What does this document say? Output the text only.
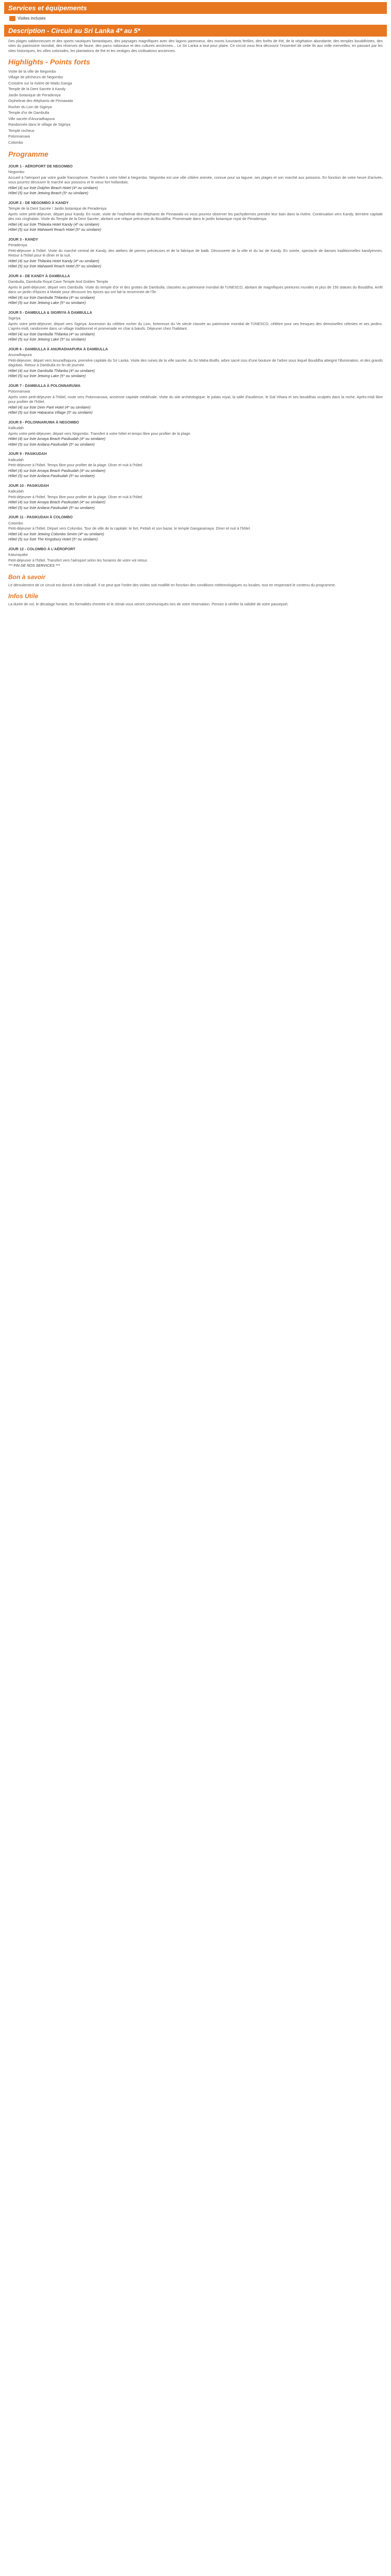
Services et équipements
Visites incluses
Description - Circuit au Sri Lanka 4* au 5*

Des plages sablonneuses et des sports nautiques fantastiques, des paysages magnifiques avec des lagons paresseux, des monts luxuriants fertiles, des forêts de thé, de la végétation abondante; des temples bouddhistes, des sites du patrimoine mondial, des réserves de faune, des parcs nationaux et des cultures anciennes... Le Sri Lanka a tout pour plaire. Ce circuit vous fera découvrir l'essentiel de cette île aux mille merveilles, en passant par les sites historiques, les villes coloniales, les plantations de thé et les vestiges des civilisations anciennes.

Highlights - Points forts
Visite de la ville de Negombo
Village de pêcheurs de Negombo
Croisière sur la rivière de Madu Ganga
Temple de la Dent Sacrée à Kandy
Jardin botanique de Peradeniya
Orphelinat des éléphants de Pinnawala
Rocher du Lion de Sigiriya
Temple d'or de Dambulla
Ville sacrée d'Anuradhapura
Randonnée dans le village de Sigiriya
Temple rocheux
Polonnaruwa
Colombo
Programme
JOUR 1 - AÉROPORT DE NEGOMBO

Negombo

Accueil à l'aéroport par votre guide francophone. Transfert à votre hôtel à Negombo. Négombo est une ville côtière animée, connue pour sa lagune, ses plages et son marché aux poissons. En fonction de votre heure d'arrivée, vous pourrez découvrir le marché aux poissons et le vieux fort hollandais.

Hôtel (4) sur liste Dolphin Beach Hotel (4* ou similaire)

Hôtel (5) sur liste Jetwing Beach (5* ou similaire)

JOUR 2 - DE NEGOMBO À KANDY

Temple de la Dent Sacrée / Jardin botanique de Peradeniya

Après votre petit-déjeuner, départ pour Kandy. En route, visite de l'orphelinat des éléphants de Pinnawala où vous pourrez observer les pachydermes prendre leur bain dans la rivière. Continuation vers Kandy, dernière capitale des rois cinghalais. Visite du Temple de la Dent Sacrée, abritant une relique précieuse du Bouddha. Promenade dans le jardin botanique royal de Peradeniya.

Hôtel (4) sur liste Thilanka Hotel Kandy (4* ou similaire)

Hôtel (5) sur liste Mahaweli Reach Hotel (5* ou similaire)

JOUR 3 - KANDY

Peradeniya

Petit-déjeuner à l'hôtel. Visite du marché central de Kandy, des ateliers de pierres précieuses et de la fabrique de batik. Découverte de la ville et du lac de Kandy. En soirée, spectacle de danses traditionnelles kandyennes. Retour à l'hôtel pour le dîner et la nuit.

Hôtel (4) sur liste Thilanka Hotel Kandy (4* ou similaire)

Hôtel (5) sur liste Mahaweli Reach Hotel (5* ou similaire)

JOUR 4 - DE KANDY À DAMBULLA

Dambulla, Dambulla Royal Cave Temple And Golden Temple

Après le petit-déjeuner, départ vers Dambulla. Visite du temple d'or et des grottes de Dambulla, classées au patrimoine mondial de l'UNESCO, abritant de magnifiques peintures murales et plus de 150 statues du Bouddha. Arrêt dans un jardin d'épices à Matale pour découvrir les épices qui ont fait la renommée de l'île.

Hôtel (4) sur liste Dambulla Thilanka (4* ou similaire)

Hôtel (5) sur liste Jetwing Lake (5* ou similaire)

JOUR 5 - DAMBULLA & SIGIRIYA À DAMBULLA

Sigiriya

Après votre petit-déjeuner, départ vers Sigiriya. Ascension du célèbre rocher du Lion, forteresse du Ve siècle classée au patrimoine mondial de l'UNESCO, célèbre pour ses fresques des demoiselles célestes et ses jardins. L'après-midi, randonnée dans un village traditionnel et promenade en char à bœufs. Déjeuner chez l'habitant.

Hôtel (4) sur liste Dambulla Thilanka (4* ou similaire)

Hôtel (5) sur liste Jetwing Lake (5* ou similaire)

JOUR 6 - DAMBULLA À ANURADHAPURA À DAMBULLA

Anuradhapura

Petit-déjeuner, départ vers Anuradhapura, première capitale du Sri Lanka. Visite des ruines de la ville sacrée, du Sri Maha Bodhi, arbre sacré issu d'une bouture de l'arbre sous lequel Bouddha atteignit l'illumination, et des grands dagobas. Retour à Dambulla en fin de journée.

Hôtel (4) sur liste Dambulla Thilanka (4* ou similaire)

Hôtel (5) sur liste Jetwing Lake (5* ou similaire)

JOUR 7 - DAMBULLA À POLONNARUWA

Polonnaruwa

Après votre petit-déjeuner à l'hôtel, route vers Polonnaruwa, ancienne capitale médiévale. Visite du site archéologique: le palais royal, la salle d'audience, le Gal Vihara et ses bouddhas sculptés dans la roche. Après-midi libre pour profiter de l'hôtel.

Hôtel (4) sur liste Deer Park Hotel (4* ou similaire)

Hôtel (5) sur liste Habarana Village (5* ou similaire)

JOUR 8 - POLONNARUWA À NEGOMBO

Kalkudah

Après votre petit-déjeuner, départ vers Negombo. Transfert à votre hôtel et temps libre pour profiter de la plage.

Hôtel (4) sur liste Amaya Beach Pasikudah (4* ou similaire)

Hôtel (5) sur liste Anilana Pasikudah (5* ou similaire)

JOUR 9 - PASIKUDAH

Kalkudah

Petit-déjeuner à l'hôtel. Temps libre pour profiter de la plage. Dîner et nuit à l'hôtel.

Hôtel (4) sur liste Amaya Beach Pasikudah (4* ou similaire)

Hôtel (5) sur liste Anilana Pasikudah (5* ou similaire)

JOUR 10 - PASIKUDAH

Kalkudah

Petit-déjeuner à l'hôtel. Temps libre pour profiter de la plage. Dîner et nuit à l'hôtel.

Hôtel (4) sur liste Amaya Beach Pasikudah (4* ou similaire)

Hôtel (5) sur liste Anilana Pasikudah (5* ou similaire)

JOUR 11 - PASIKUDAH À COLOMBO

Colombo

Petit-déjeuner à l'hôtel. Départ vers Colombo. Tour de ville de la capitale: le fort, Pettah et son bazar, le temple Gangaramaya. Dîner et nuit à l'hôtel.

Hôtel (4) sur liste Jetwing Colombo Seven (4* ou similaire)

Hôtel (5) sur liste The Kingsbury Hotel (5* ou similaire)

JOUR 12 - COLOMBO À L'AÉROPORT

Katunayake

Petit-déjeuner à l'hôtel. Transfert vers l'aéroport selon les horaires de votre vol retour.

*** FIN DE NOS SERVICES ***

Bon à savoir

Le déroulement de ce circuit est donné à titre indicatif. Il se peut que l'ordre des visites soit modifié en fonction des conditions météorologiques ou locales, tout en respectant le contenu du programme.

Infos Utile

La durée de vol, le décalage horaire, les formalités d'entrée et le climat vous seront communiqués lors de votre réservation. Pensez à vérifier la validité de votre passeport.
